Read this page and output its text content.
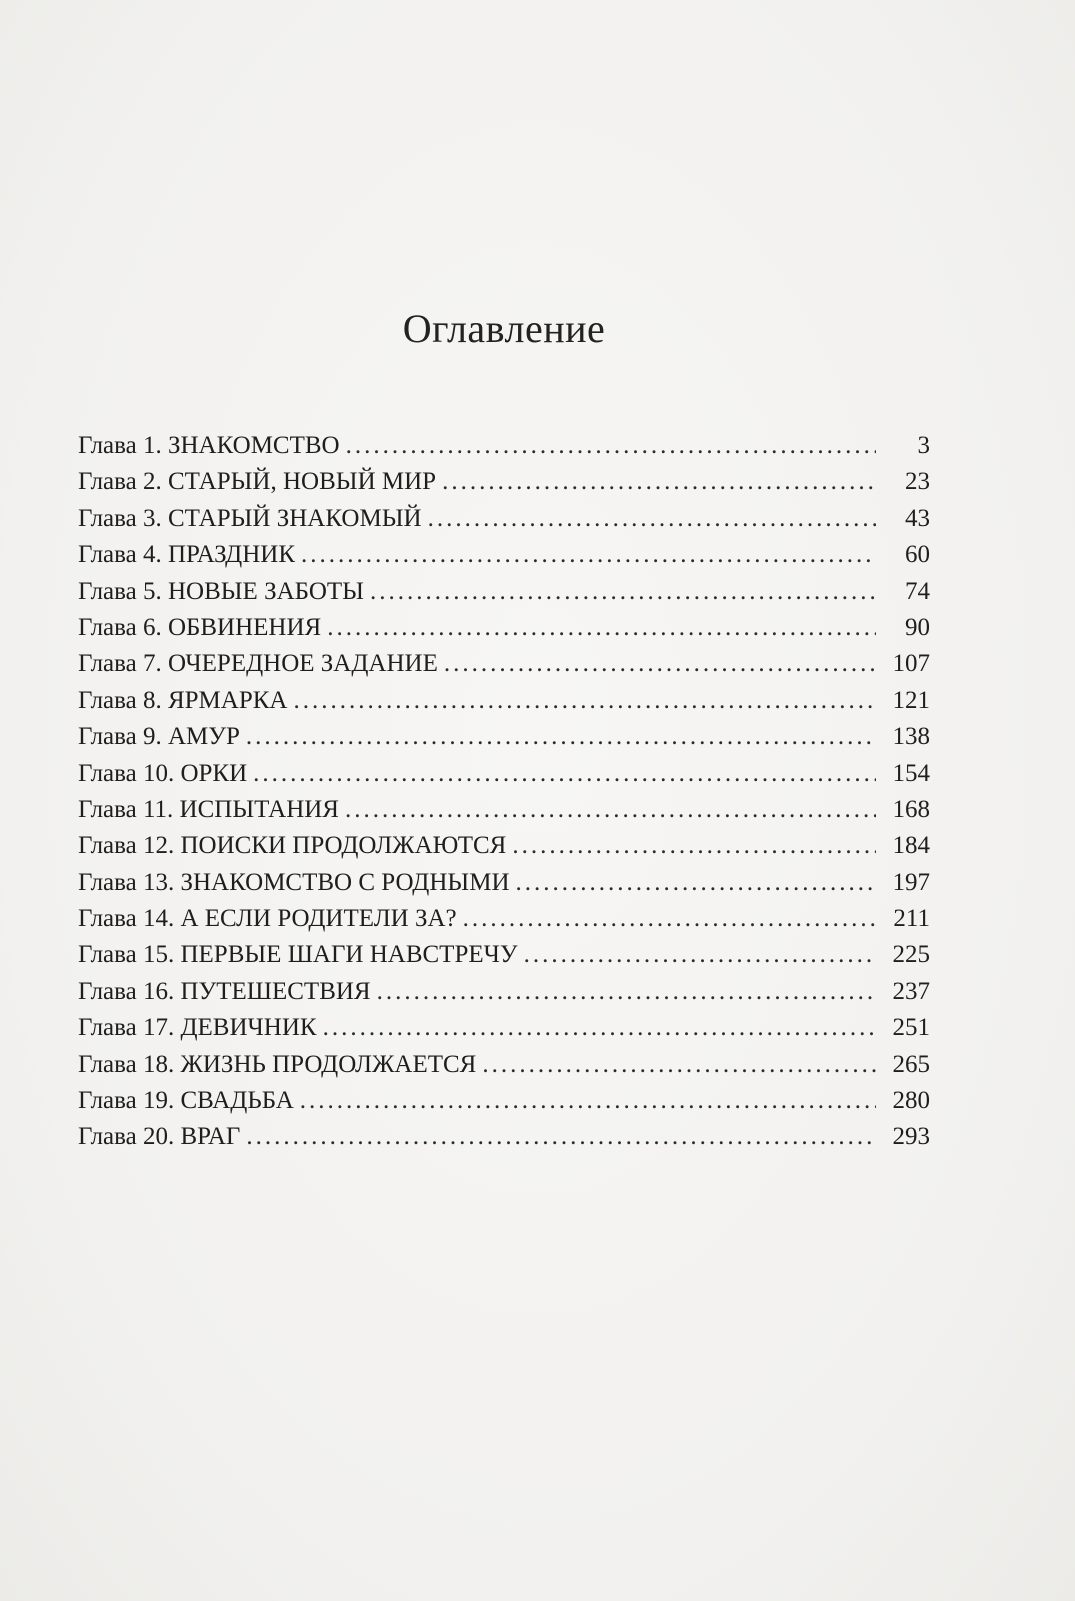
Оглавление
Глава 1. ЗНАКОМСТВО .....	3
Глава 2. СТАРЫЙ, НОВЫЙ МИР .....	23
Глава 3. СТАРЫЙ ЗНАКОМЫЙ .....	43
Глава 4. ПРАЗДНИК .....	60
Глава 5. НОВЫЕ ЗАБОТЫ .....	74
Глава 6. ОБВИНЕНИЯ .....	90
Глава 7. ОЧЕРЕДНОЕ ЗАДАНИЕ .....	107
Глава 8. ЯРМАРКА .....	121
Глава 9. АМУР .....	138
Глава 10. ОРКИ .....	154
Глава 11. ИСПЫТАНИЯ .....	168
Глава 12. ПОИСКИ ПРОДОЛЖАЮТСЯ .....	184
Глава 13. ЗНАКОМСТВО С РОДНЫМИ .....	197
Глава 14. А ЕСЛИ РОДИТЕЛИ ЗА? .....	211
Глава 15. ПЕРВЫЕ ШАГИ НАВСТРЕЧУ .....	225
Глава 16. ПУТЕШЕСТВИЯ .....	237
Глава 17. ДЕВИЧНИК .....	251
Глава 18. ЖИЗНЬ ПРОДОЛЖАЕТСЯ .....	265
Глава 19. СВАДЬБА .....	280
Глава 20. ВРАГ .....	293
